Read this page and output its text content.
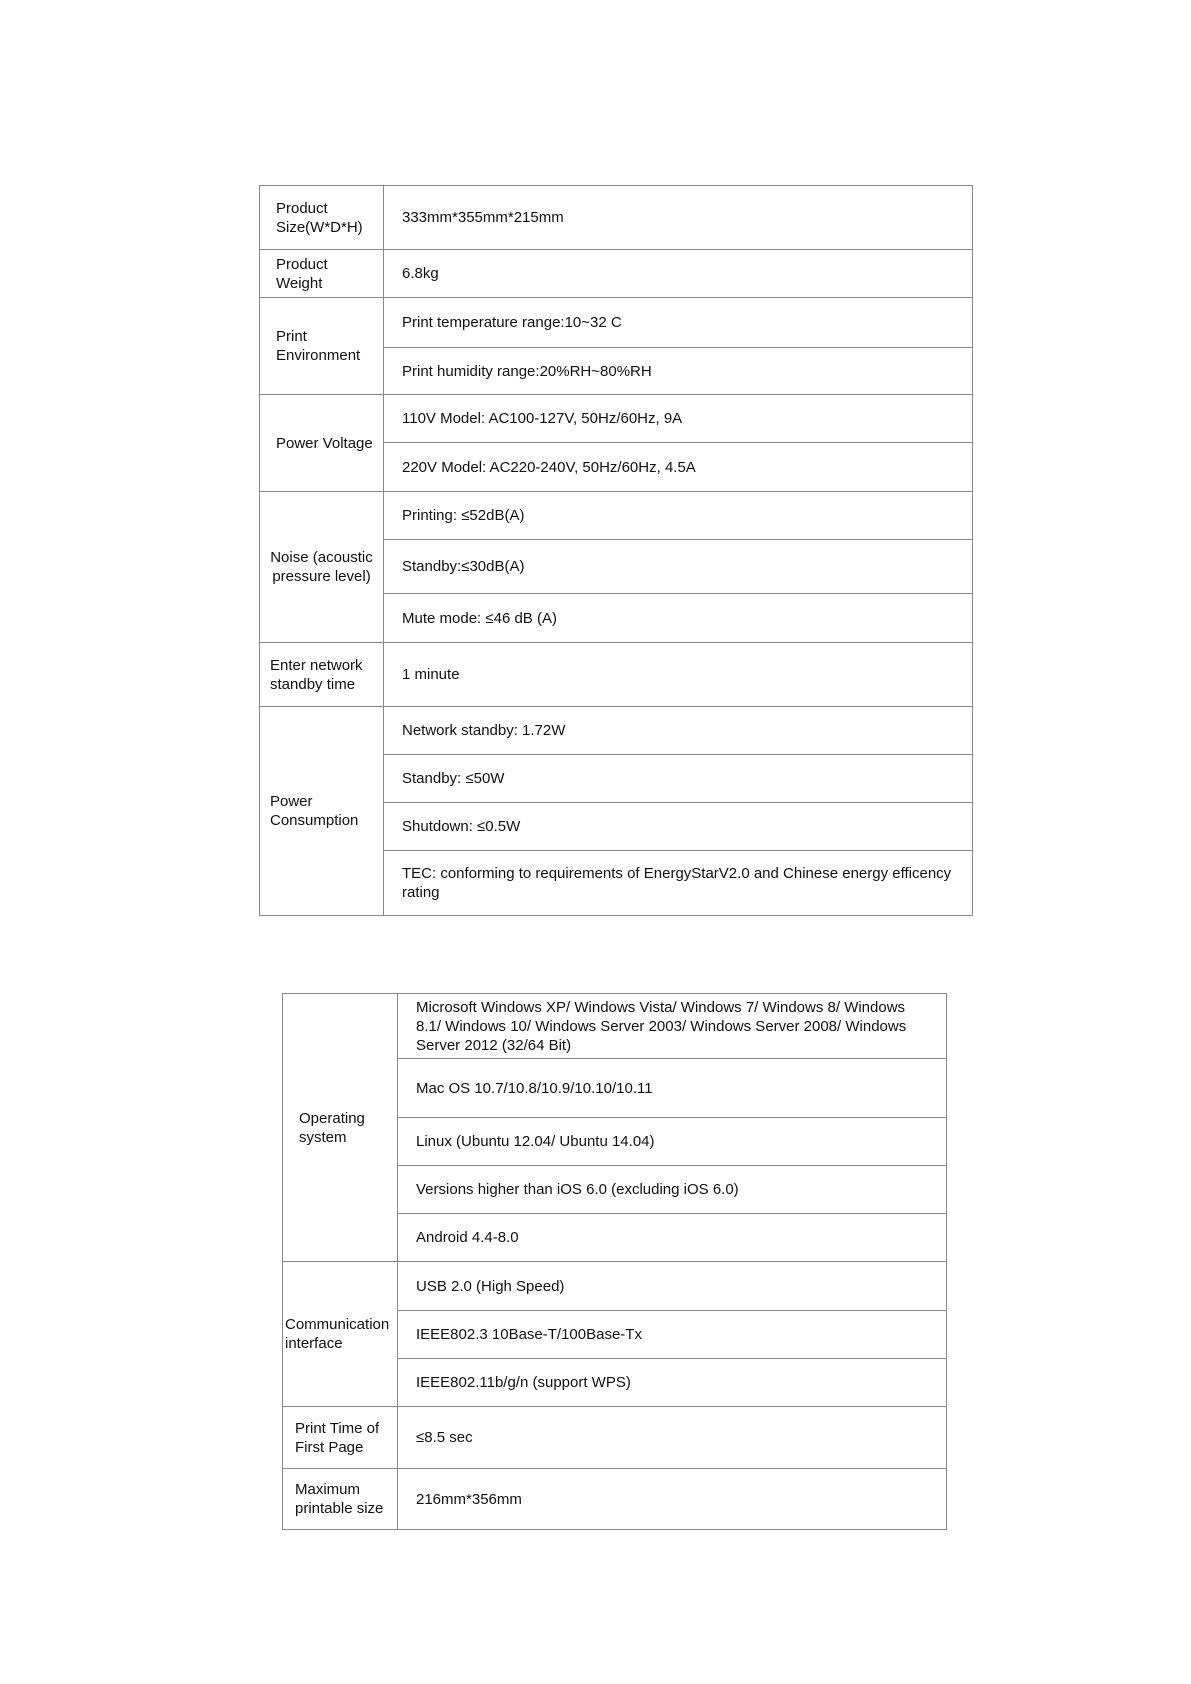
Product Size(W*D*H)	333mm*355mm*215mm
Product Weight	6.8kg
Print Environment	Print temperature range:10~32 C
	Print humidity range:20%RH~80%RH
Power Voltage	110V Model: AC100-127V, 50Hz/60Hz, 9A
	220V Model: AC220-240V, 50Hz/60Hz, 4.5A
Noise (acoustic pressure level)	Printing: ≤52dB(A)
	Standby:≤30dB(A)
	Mute mode: ≤46 dB (A)
Enter network standby time	1 minute
Power Consumption	Network standby: 1.72W
	Standby: ≤50W
	Shutdown: ≤0.5W
	TEC: conforming to requirements of EnergyStarV2.0 and Chinese energy efficency rating
Operating system	Microsoft Windows XP/ Windows Vista/ Windows 7/ Windows 8/ Windows 8.1/ Windows 10/ Windows Server 2003/ Windows Server 2008/ Windows Server 2012 (32/64 Bit)
	Mac OS 10.7/10.8/10.9/10.10/10.11
	Linux (Ubuntu 12.04/ Ubuntu 14.04)
	Versions higher than iOS 6.0 (excluding iOS 6.0)
	Android 4.4-8.0
Communication interface	USB 2.0 (High Speed)
	IEEE802.3 10Base-T/100Base-Tx
	IEEE802.11b/g/n (support WPS)
Print Time of First Page	≤8.5 sec
Maximum printable size	216mm*356mm
